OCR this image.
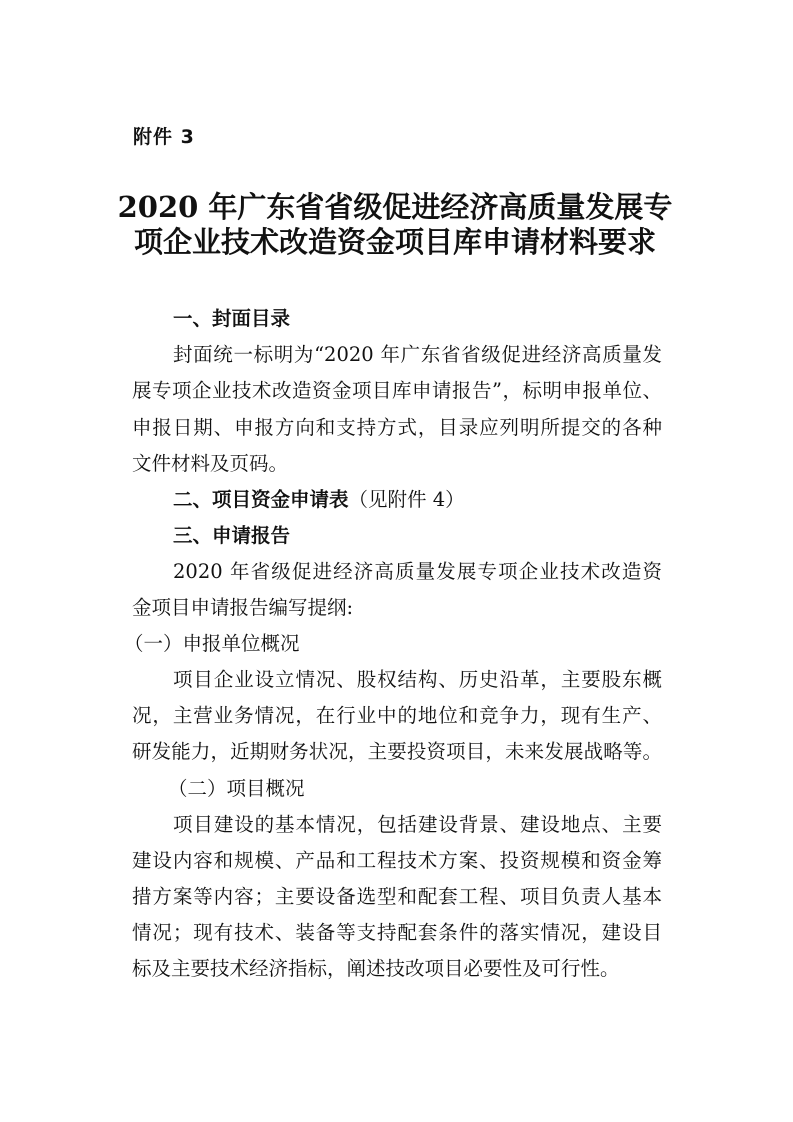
附件 3
2020 年广东省省级促进经济高质量发展专
项企业技术改造资金项目库申请材料要求
一、封面目录
封面统一标明为“2020 年广东省省级促进经济高质量发
展专项企业技术改造资金项目库申请报告”，标明申报单位、
申报日期、申报方向和支持方式，目录应列明所提交的各种
文件材料及页码。
二、项目资金申请表（见附件 4）
三、申请报告
2020 年省级促进经济高质量发展专项企业技术改造资
金项目申请报告编写提纲:
（一）申报单位概况
项目企业设立情况、股权结构、历史沿革，主要股东概
况，主营业务情况，在行业中的地位和竞争力，现有生产、
研发能力，近期财务状况，主要投资项目，未来发展战略等。
（二）项目概况
项目建设的基本情况，包括建设背景、建设地点、主要
建设内容和规模、产品和工程技术方案、投资规模和资金筹
措方案等内容；主要设备选型和配套工程、项目负责人基本
情况；现有技术、装备等支持配套条件的落实情况，建设目
标及主要技术经济指标，阐述技改项目必要性及可行性。
